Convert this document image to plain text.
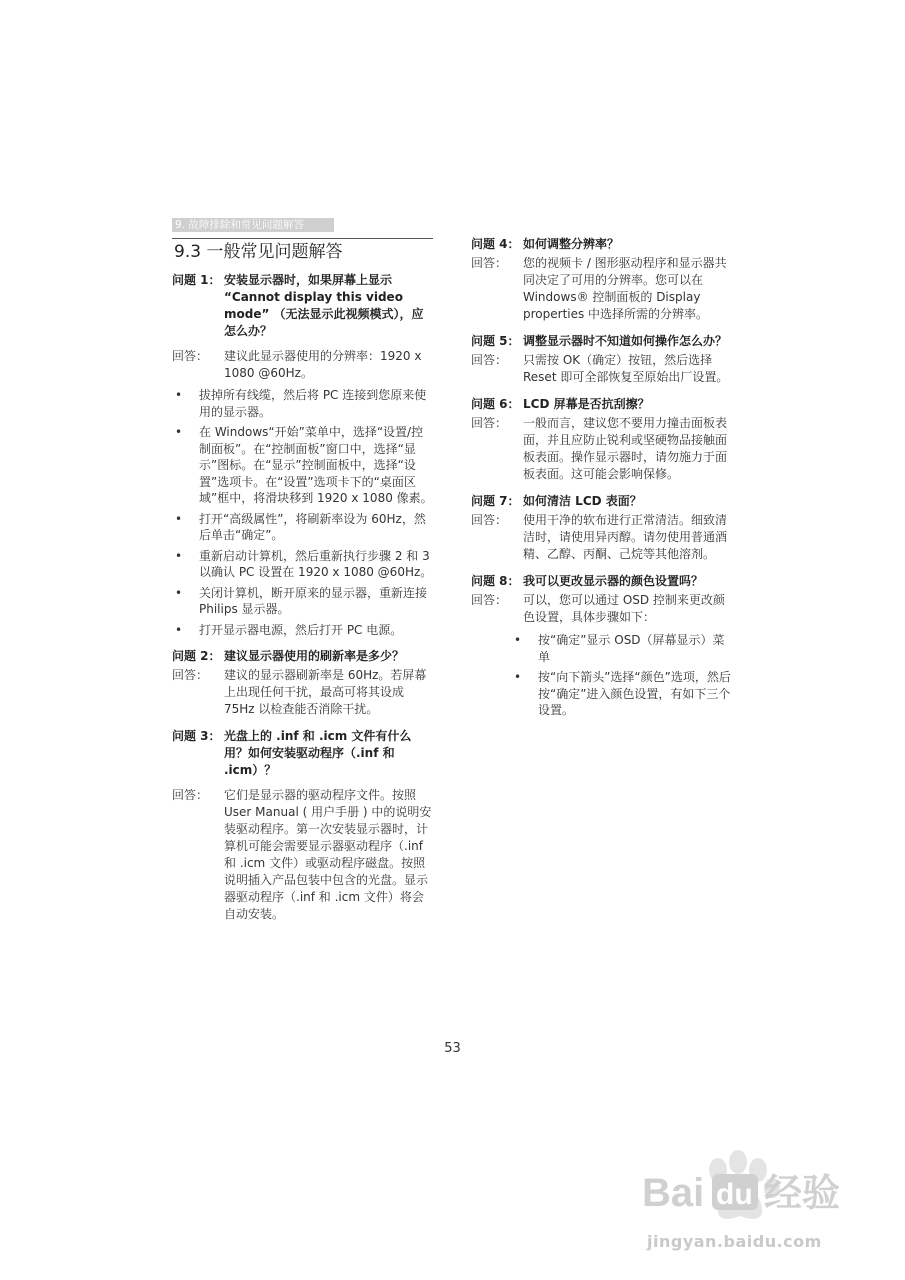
9. 故障排除和常见问题解答
9.3 一般常见问题解答
问题 1： 安装显示器时，如果屏幕上显示 “Cannot display this video mode” （无法显示此视频模式），应怎么办？
回答：	建议此显示器使用的分辨率：1920 x 1080 @60Hz。
•	拔掉所有线缆，然后将 PC 连接到您原来使用的显示器。
•	在 Windows“开始”菜单中，选择“设置/控制面板”。在“控制面板”窗口中，选择“显示”图标。在“显示”控制面板中，选择“设置”选项卡。在“设置”选项卡下的“桌面区域”框中，将滑块移到 1920 x 1080 像素。
•	打开“高级属性”，将刷新率设为 60Hz，然后单击“确定”。
•	重新启动计算机，然后重新执行步骤 2 和 3 以确认 PC 设置在 1920 x 1080 @60Hz。
•	关闭计算机，断开原来的显示器，重新连接 Philips 显示器。
•	打开显示器电源，然后打开 PC 电源。
问题 2： 建议显示器使用的刷新率是多少？
回答：	建议的显示器刷新率是 60Hz。若屏幕上出现任何干扰，最高可将其设成 75Hz 以检查能否消除干扰。
问题 3： 光盘上的 .inf 和 .icm 文件有什么用？如何安装驱动程序（.inf 和 .icm）？
回答：	它们是显示器的驱动程序文件。按照 User Manual ( 用户手册 ) 中的说明安装驱动程序。第一次安装显示器时，计算机可能会需要显示器驱动程序（.inf 和 .icm 文件）或驱动程序磁盘。按照说明插入产品包装中包含的光盘。显示器驱动程序（.inf 和 .icm 文件）将会自动安装。
问题 4： 如何调整分辨率？
回答：	您的视频卡 / 图形驱动程序和显示器共同决定了可用的分辨率。您可以在 Windows® 控制面板的 Display properties 中选择所需的分辨率。
问题 5： 调整显示器时不知道如何操作怎么办？
回答：	只需按 OK（确定）按钮，然后选择 Reset 即可全部恢复至原始出厂设置。
问题 6： LCD 屏幕是否抗刮擦？
回答：	一般而言，建议您不要用力撞击面板表面，并且应防止锐利或坚硬物品接触面板表面。操作显示器时，请勿施力于面板表面。这可能会影响保修。
问题 7： 如何清洁 LCD 表面？
回答：	使用干净的软布进行正常清洁。细致清洁时，请使用异丙醇。请勿使用普通酒精、乙醇、丙酮、己烷等其他溶剂。
问题 8： 我可以更改显示器的颜色设置吗？
回答：	可以，您可以通过 OSD 控制来更改颜色设置，具体步骤如下：
•	按“确定”显示 OSD（屏幕显示）菜单
•	按“向下箭头”选择“颜色”选项，然后按“确定”进入颜色设置，有如下三个设置。
53
Bai du 经验
jingyan.baidu.com
